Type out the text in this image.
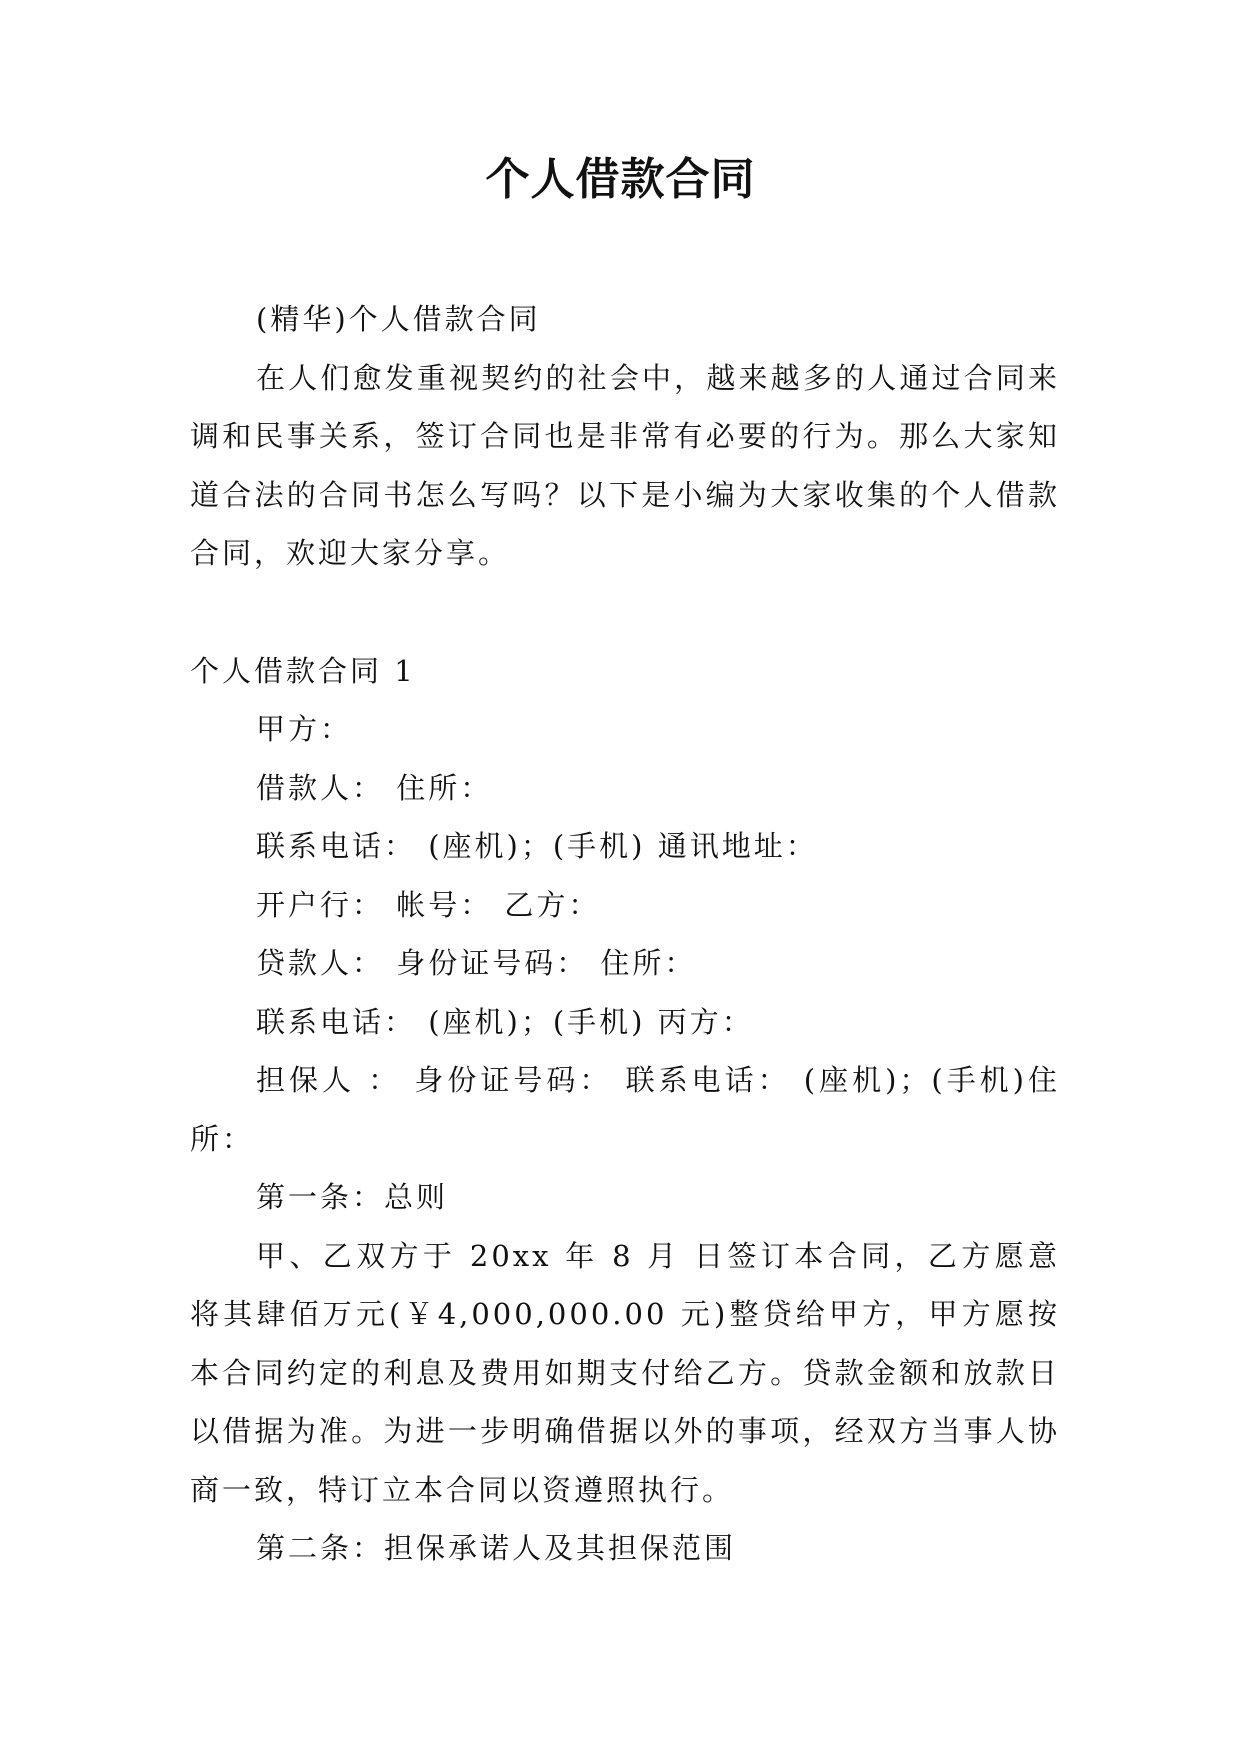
个人借款合同

(精华)个人借款合同

在人们愈发重视契约的社会中，越来越多的人通过合同来调和民事关系，签订合同也是非常有必要的行为。那么大家知道合法的合同书怎么写吗？以下是小编为大家收集的个人借款合同，欢迎大家分享。

个人借款合同 1

甲方：

借款人： 住所：

联系电话： (座机)；(手机) 通讯地址：

开户行： 帐号： 乙方：

贷款人： 身份证号码： 住所：

联系电话： (座机)；(手机) 丙方：

担保人 ： 身份证号码： 联系电话： (座机)；(手机)住所：

第一条：总则

甲、乙双方于 20xx 年 8 月 日签订本合同，乙方愿意将其肆佰万元(￥4,000,000.00 元)整贷给甲方，甲方愿按本合同约定的利息及费用如期支付给乙方。贷款金额和放款日以借据为准。为进一步明确借据以外的事项，经双方当事人协商一致，特订立本合同以资遵照执行。

第二条：担保承诺人及其担保范围
